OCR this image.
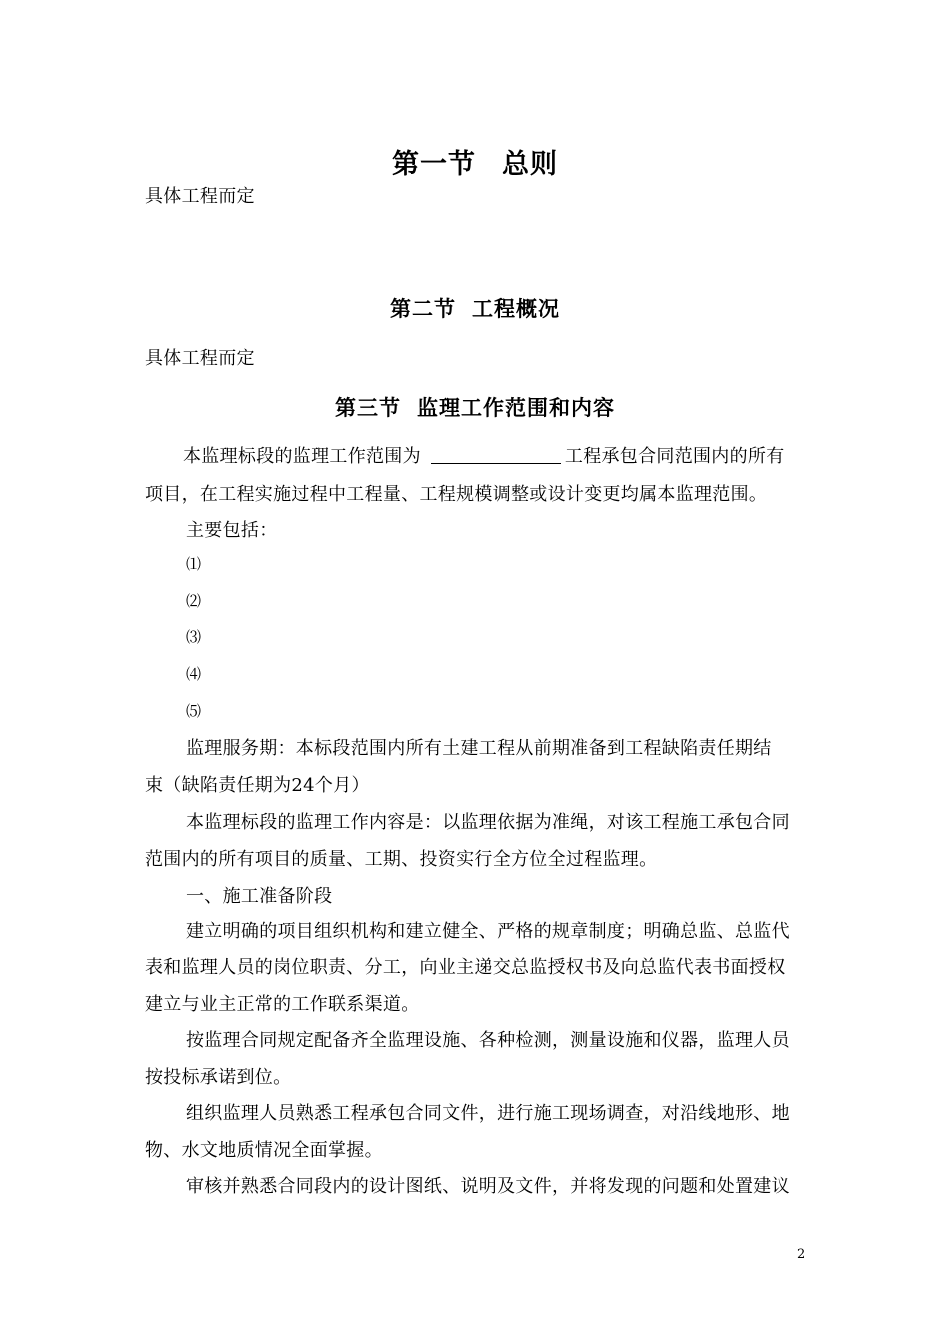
第一节 总则
具体工程而定
第二节 工程概况
具体工程而定
第三节 监理工作范围和内容
本监理标段的监理工作范围为	工程承包合同范围内的所有
项目，在工程实施过程中工程量、工程规模调整或设计变更均属本监理范围。
主要包括：
⑴
⑵
⑶
⑷
⑸
监理服务期：本标段范围内所有土建工程从前期准备到工程缺陷责任期结
束（缺陷责任期为24个月）
本监理标段的监理工作内容是：以监理依据为准绳，对该工程施工承包合同
范围内的所有项目的质量、工期、投资实行全方位全过程监理。
一、施工准备阶段
建立明确的项目组织机构和建立健全、严格的规章制度；明确总监、总监代
表和监理人员的岗位职责、分工，向业主递交总监授权书及向总监代表书面授权
建立与业主正常的工作联系渠道。
按监理合同规定配备齐全监理设施、各种检测，测量设施和仪器，监理人员
按投标承诺到位。
组织监理人员熟悉工程承包合同文件，进行施工现场调查，对沿线地形、地
物、水文地质情况全面掌握。
审核并熟悉合同段内的设计图纸、说明及文件，并将发现的问题和处置建议
2
